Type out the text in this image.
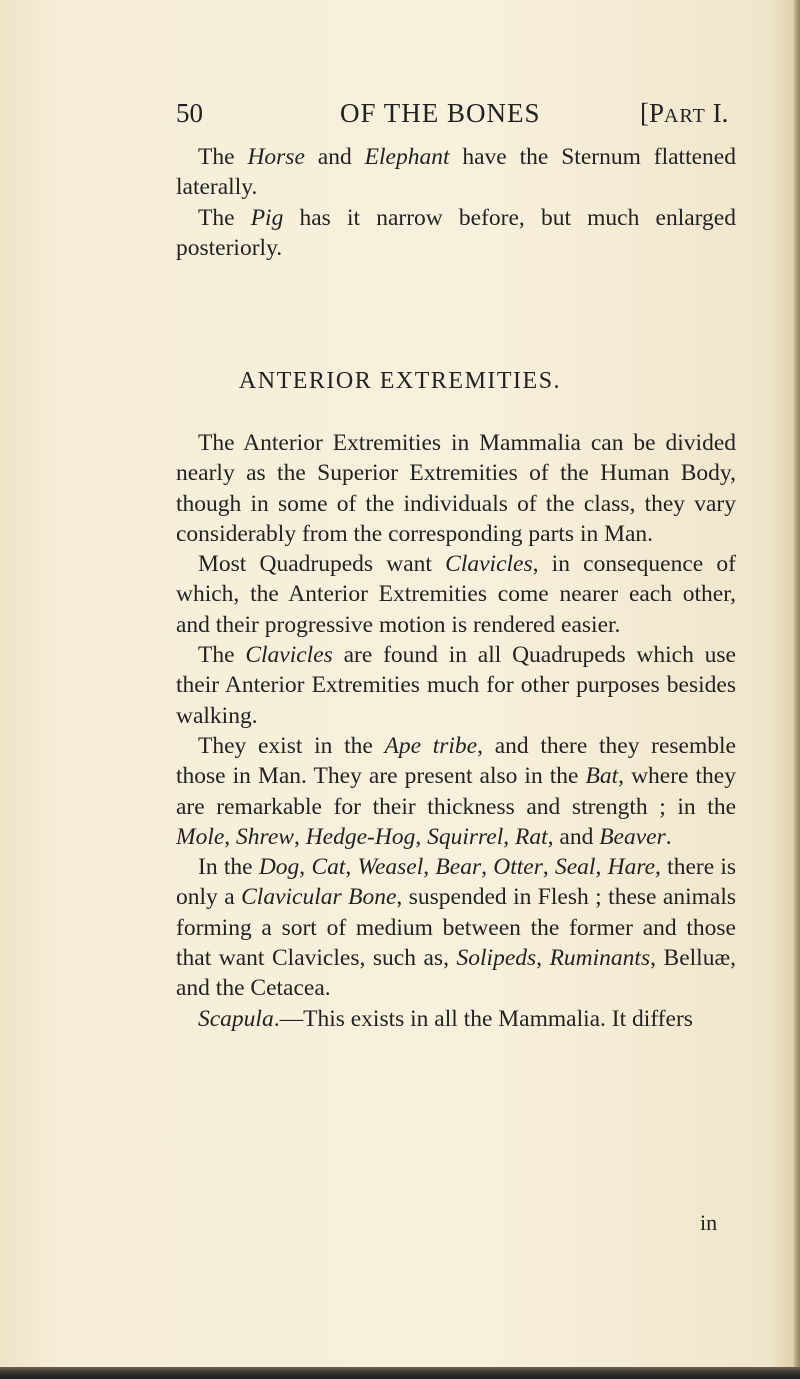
50	OF THE BONES	[PART I.

The Horse and Elephant have the Sternum flattened laterally.

The Pig has it narrow before, but much enlarged posteriorly.

ANTERIOR EXTREMITIES.

The Anterior Extremities in Mammalia can be divided nearly as the Superior Extremities of the Human Body, though in some of the individuals of the class, they vary considerably from the corresponding parts in Man.

Most Quadrupeds want Clavicles, in consequence of which, the Anterior Extremities come nearer each other, and their progressive motion is rendered easier.

The Clavicles are found in all Quadrupeds which use their Anterior Extremities much for other purposes besides walking.

They exist in the Ape tribe, and there they resemble those in Man. They are present also in the Bat, where they are remarkable for their thickness and strength ; in the Mole, Shrew, Hedge-Hog, Squirrel, Rat, and Beaver.

In the Dog, Cat, Weasel, Bear, Otter, Seal, Hare, there is only a Clavicular Bone, suspended in Flesh ; these animals forming a sort of medium between the former and those that want Clavicles, such as, Solipeds, Ruminants, Belluæ, and the Cetacea.

Scapula.—This exists in all the Mammalia. It differs

in
